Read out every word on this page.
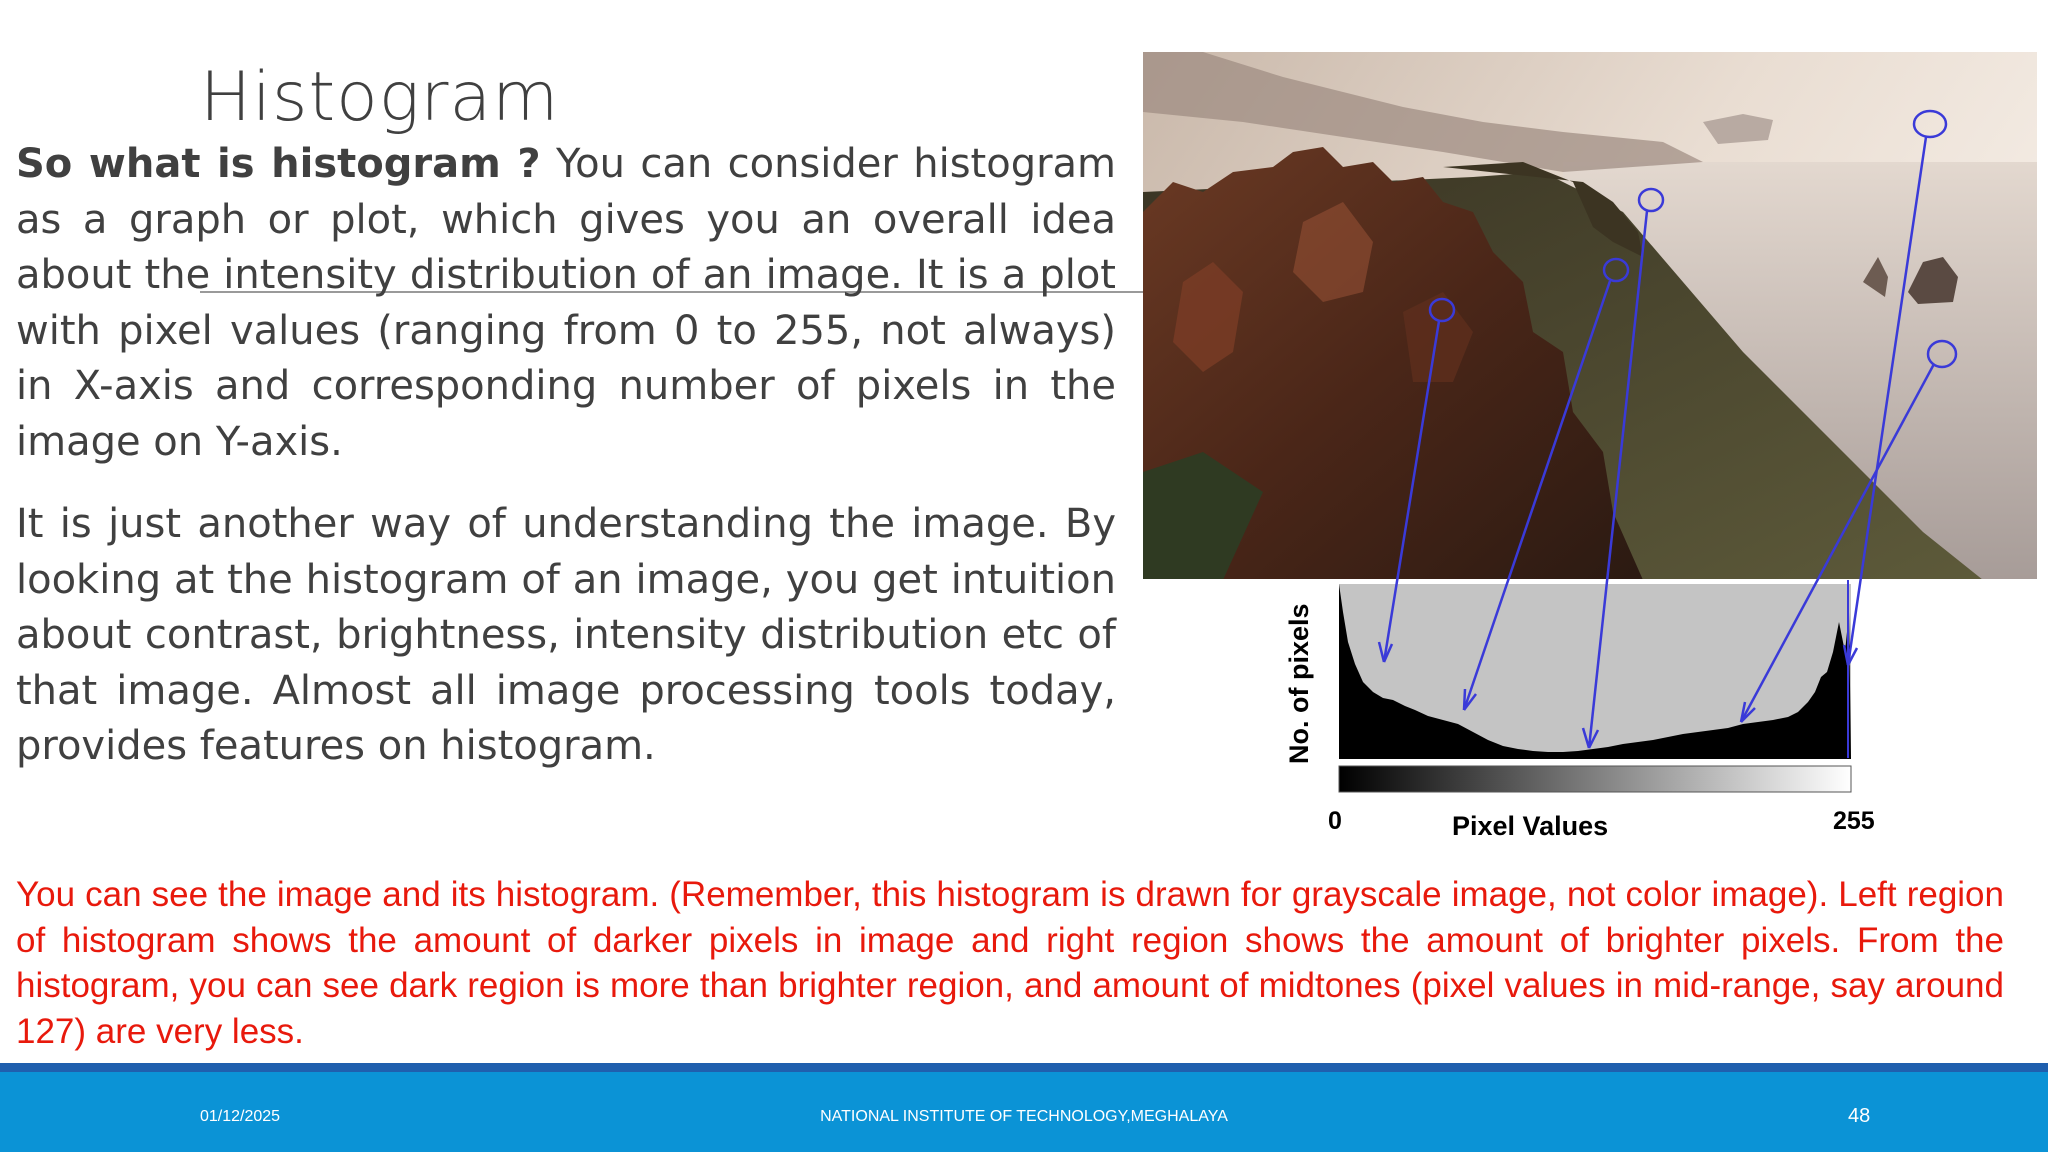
Histogram

So what is histogram ? You can consider histogram as a graph or plot, which gives you an overall idea about the intensity distribution of an image. It is a plot with pixel values (ranging from 0 to 255, not always) in X-axis and corresponding number of pixels in the image on Y-axis.

It is just another way of understanding the image. By looking at the histogram of an image, you get intuition about contrast, brightness, intensity distribution etc of that image. Almost all image processing tools today, provides features on histogram.	No. of pixels
Pixel Values
0	255

You can see the image and its histogram. (Remember, this histogram is drawn for grayscale image, not color image). Left region of histogram shows the amount of darker pixels in image and right region shows the amount of brighter pixels. From the histogram, you can see dark region is more than brighter region, and amount of midtones (pixel values in mid-range, say around 127) are very less.

01/12/2025	NATIONAL INSTITUTE OF TECHNOLOGY,MEGHALAYA	48
